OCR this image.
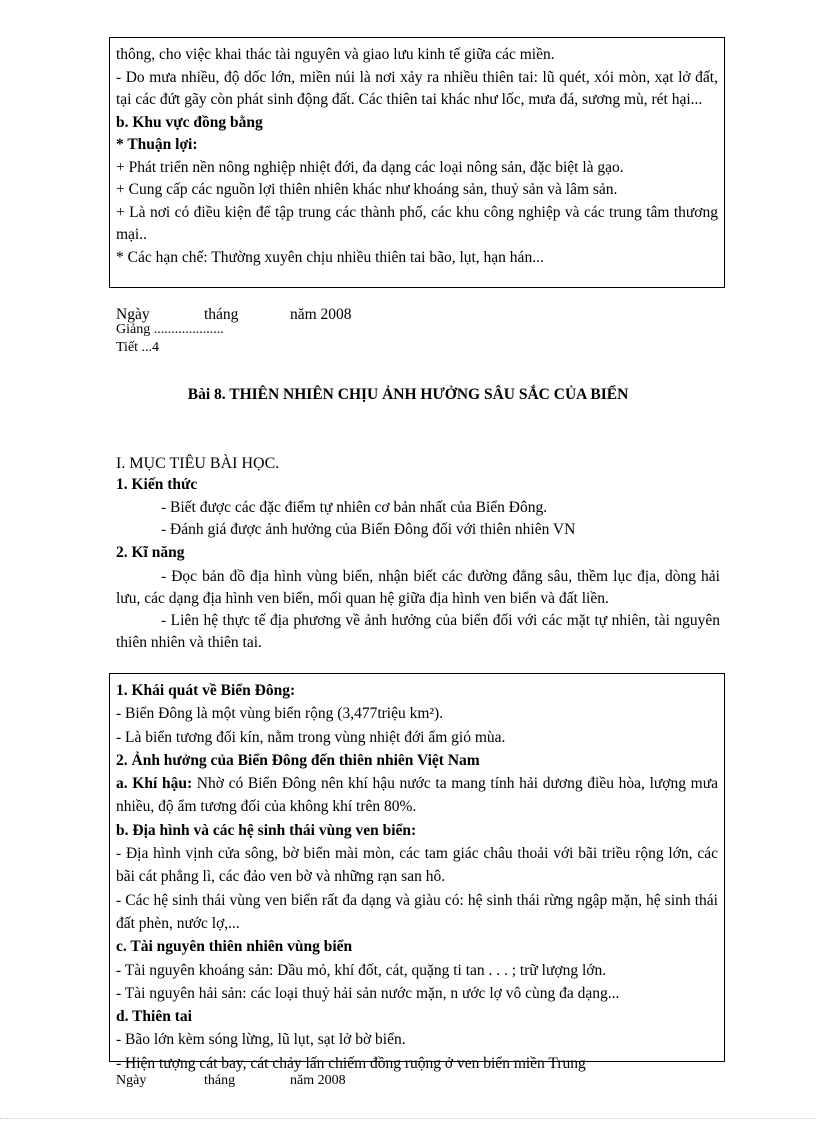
thông, cho việc khai thác tài nguyên và giao lưu kinh tế giữa các miền.
- Do mưa nhiều, độ dốc lớn, miền núi là nơi xảy ra nhiều thiên tai: lũ quét, xói mòn, xạt lở đất, tại các đứt gãy còn phát sinh động đất. Các thiên tai khác như lốc, mưa đá, sương mù, rét hại...
b. Khu vực đồng bằng
* Thuận lợi:
+ Phát triển nền nông nghiệp nhiệt đới, đa dạng các loại nông sản, đặc biệt là gạo.
+ Cung cấp các nguồn lợi thiên nhiên khác như khoáng sản, thuỷ sản và lâm sản.
+ Là nơi có điều kiện để tập trung các thành phố, các khu công nghiệp và các trung tâm thương mại..
* Các hạn chế: Thường xuyên chịu nhiều thiên tai bão, lụt, hạn hán...
Ngày	tháng	năm 2008
Giảng ....................
Tiết ...4
Bài 8. THIÊN NHIÊN CHỊU ẢNH HƯỞNG SÂU SẮC CỦA BIỂN
I. MỤC TIÊU BÀI HỌC.
1. Kiến thức
- Biết được các đặc điểm tự nhiên cơ bản nhất của Biển Đông.
- Đánh giá được ảnh hưởng của Biển Đông đối với thiên nhiên VN
2. Kĩ năng
- Đọc bản đồ địa hình vùng biển, nhận biết các đường đẳng sâu, thềm lục địa, dòng hải lưu, các dạng địa hình ven biển, mối quan hệ giữa địa hình ven biển và đất liền.
- Liên hệ thực tế địa phương về ảnh hưởng của biển đối với các mặt tự nhiên, tài nguyên thiên nhiên và thiên tai.
1. Khái quát về Biển Đông:
- Biển Đông là một vùng biển rộng (3,477triệu km²).
- Là biển tương đối kín, nằm trong vùng nhiệt đới ẩm gió mùa.
2. Ảnh hưởng của Biển Đông đến thiên nhiên Việt Nam
a. Khí hậu: Nhờ có Biển Đông nên khí hậu nước ta mang tính hải dương điều hòa, lượng mưa nhiều, độ ẩm tương đối của không khí trên 80%.
b. Địa hình và các hệ sinh thái vùng ven biển:
- Địa hình vịnh cửa sông, bờ biển mài mòn, các tam giác châu thoải với bãi triều rộng lớn, các bãi cát phẳng lì, các đảo ven bờ và những rạn san hô.
- Các hệ sinh thái vùng ven biển rất đa dạng và giàu có: hệ sinh thái rừng ngập mặn, hệ sinh thái đất phèn, nước lợ,...
c. Tài nguyên thiên nhiên vùng biển
- Tài nguyên khoáng sản: Dầu mỏ, khí đốt, cát, quặng ti tan . . . ; trữ lượng lớn.
- Tài nguyên hải sản: các loại thuỷ hải sản nước mặn, n ước lợ vô cùng đa dạng...
d. Thiên tai
- Bão lớn kèm sóng lừng, lũ lụt, sạt lở bờ biển.
- Hiện tượng cát bay, cát chảy lấn chiếm đồng ruộng ở ven biển miền Trung
Ngày	tháng	năm 2008
